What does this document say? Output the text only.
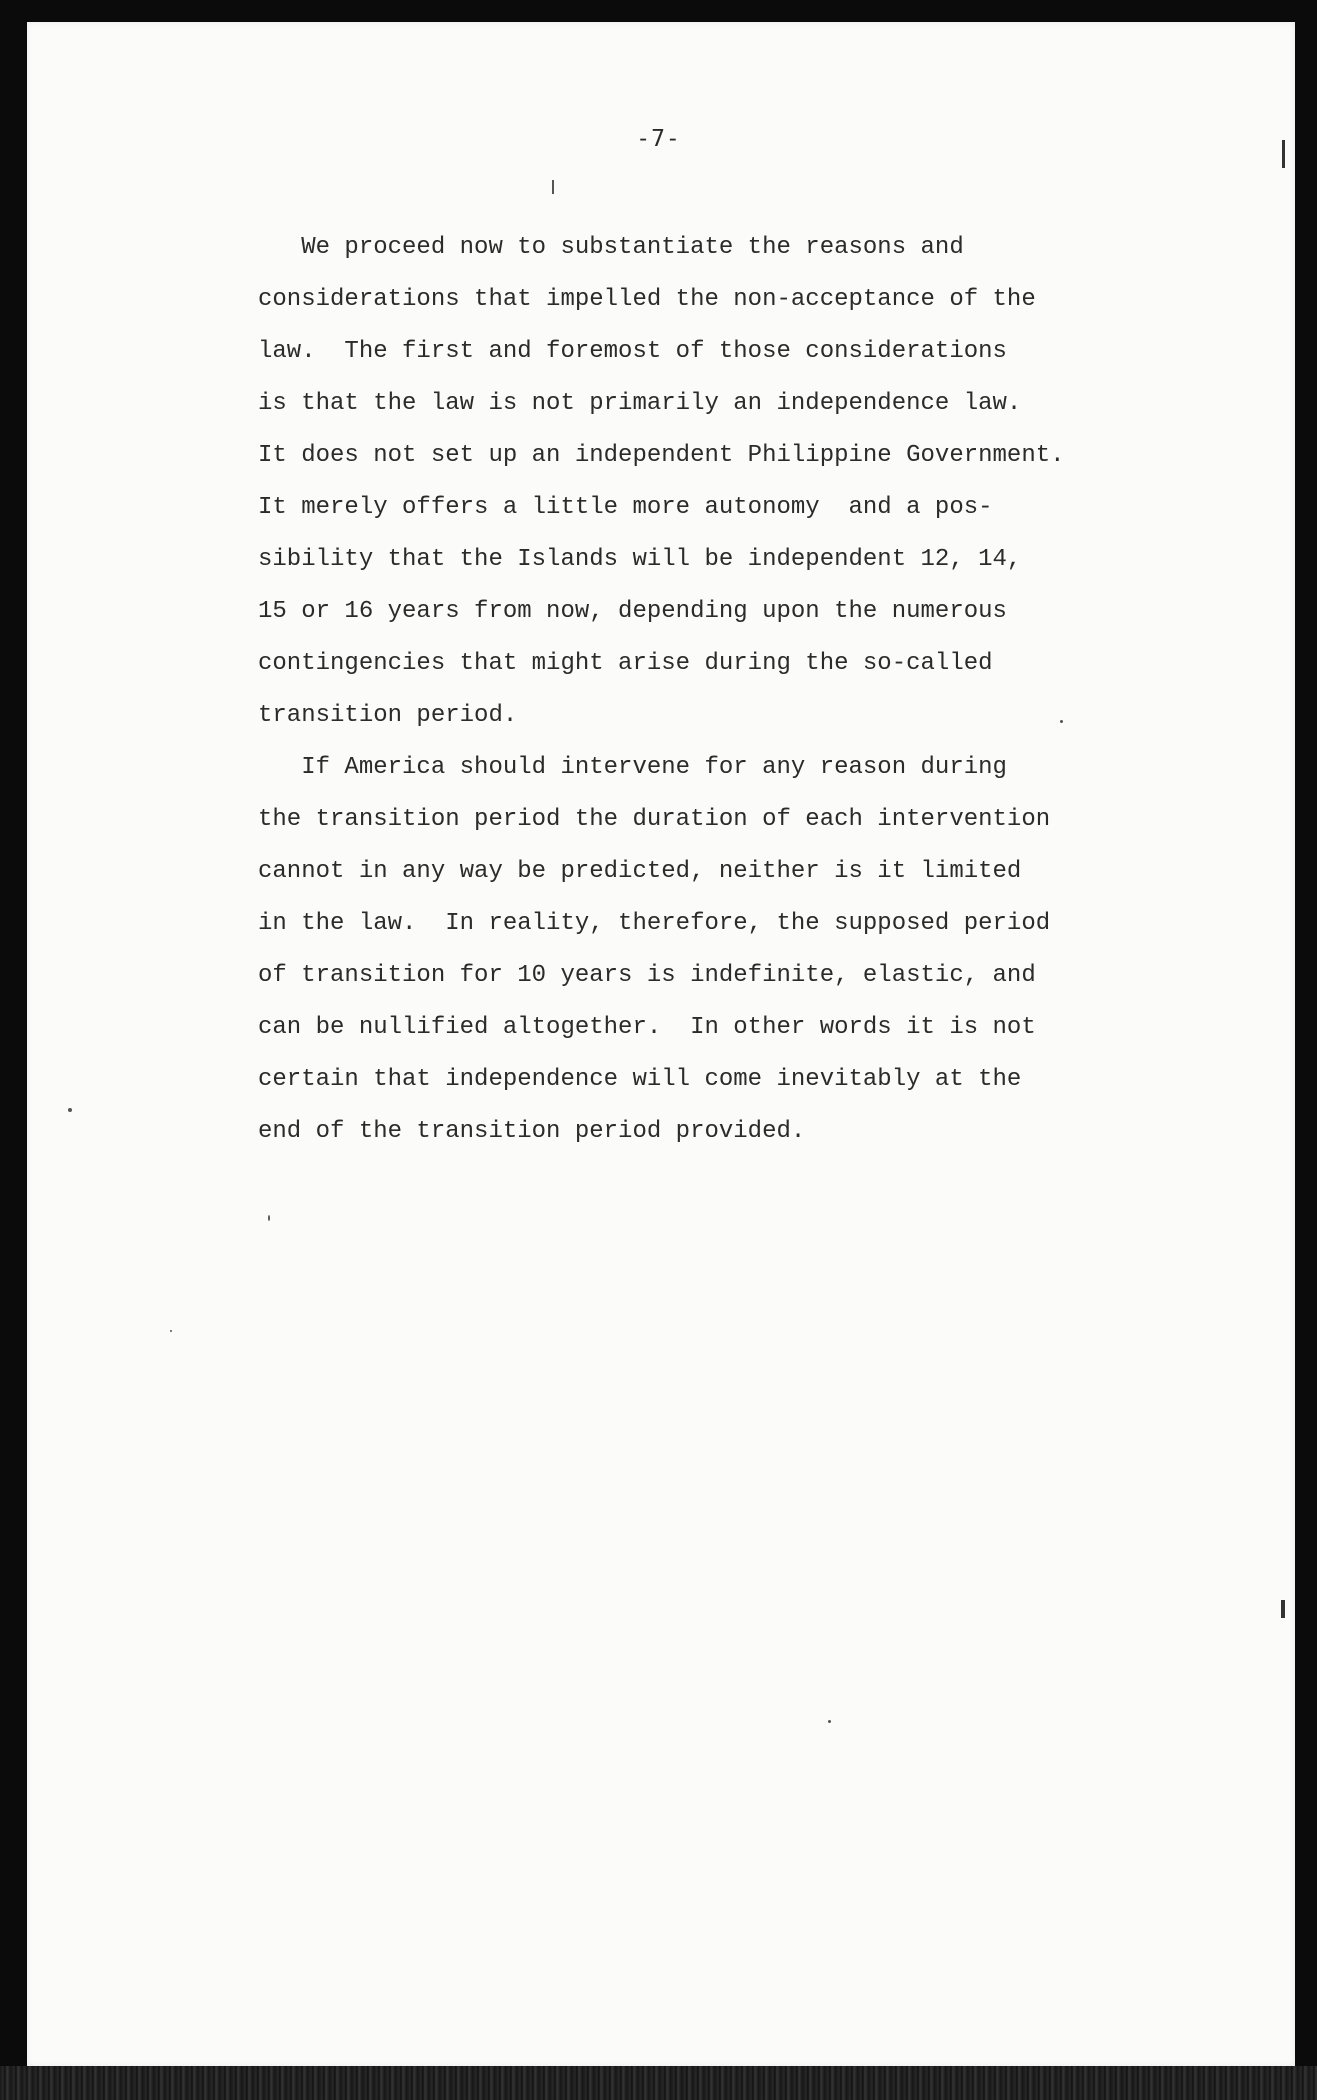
-7-

We proceed now to substantiate the reasons and
considerations that impelled the non-acceptance of the
law.  The first and foremost of those considerations
is that the law is not primarily an independence law.
It does not set up an independent Philippine Government.
It merely offers a little more autonomy  and a pos-
sibility that the Islands will be independent 12, 14,
15 or 16 years from now, depending upon the numerous
contingencies that might arise during the so-called
transition period.

If America should intervene for any reason during
the transition period the duration of each intervention
cannot in any way be predicted, neither is it limited
in the law.  In reality, therefore, the supposed period
of transition for 10 years is indefinite, elastic, and
can be nullified altogether.  In other words it is not
certain that independence will come inevitably at the
end of the transition period provided.
